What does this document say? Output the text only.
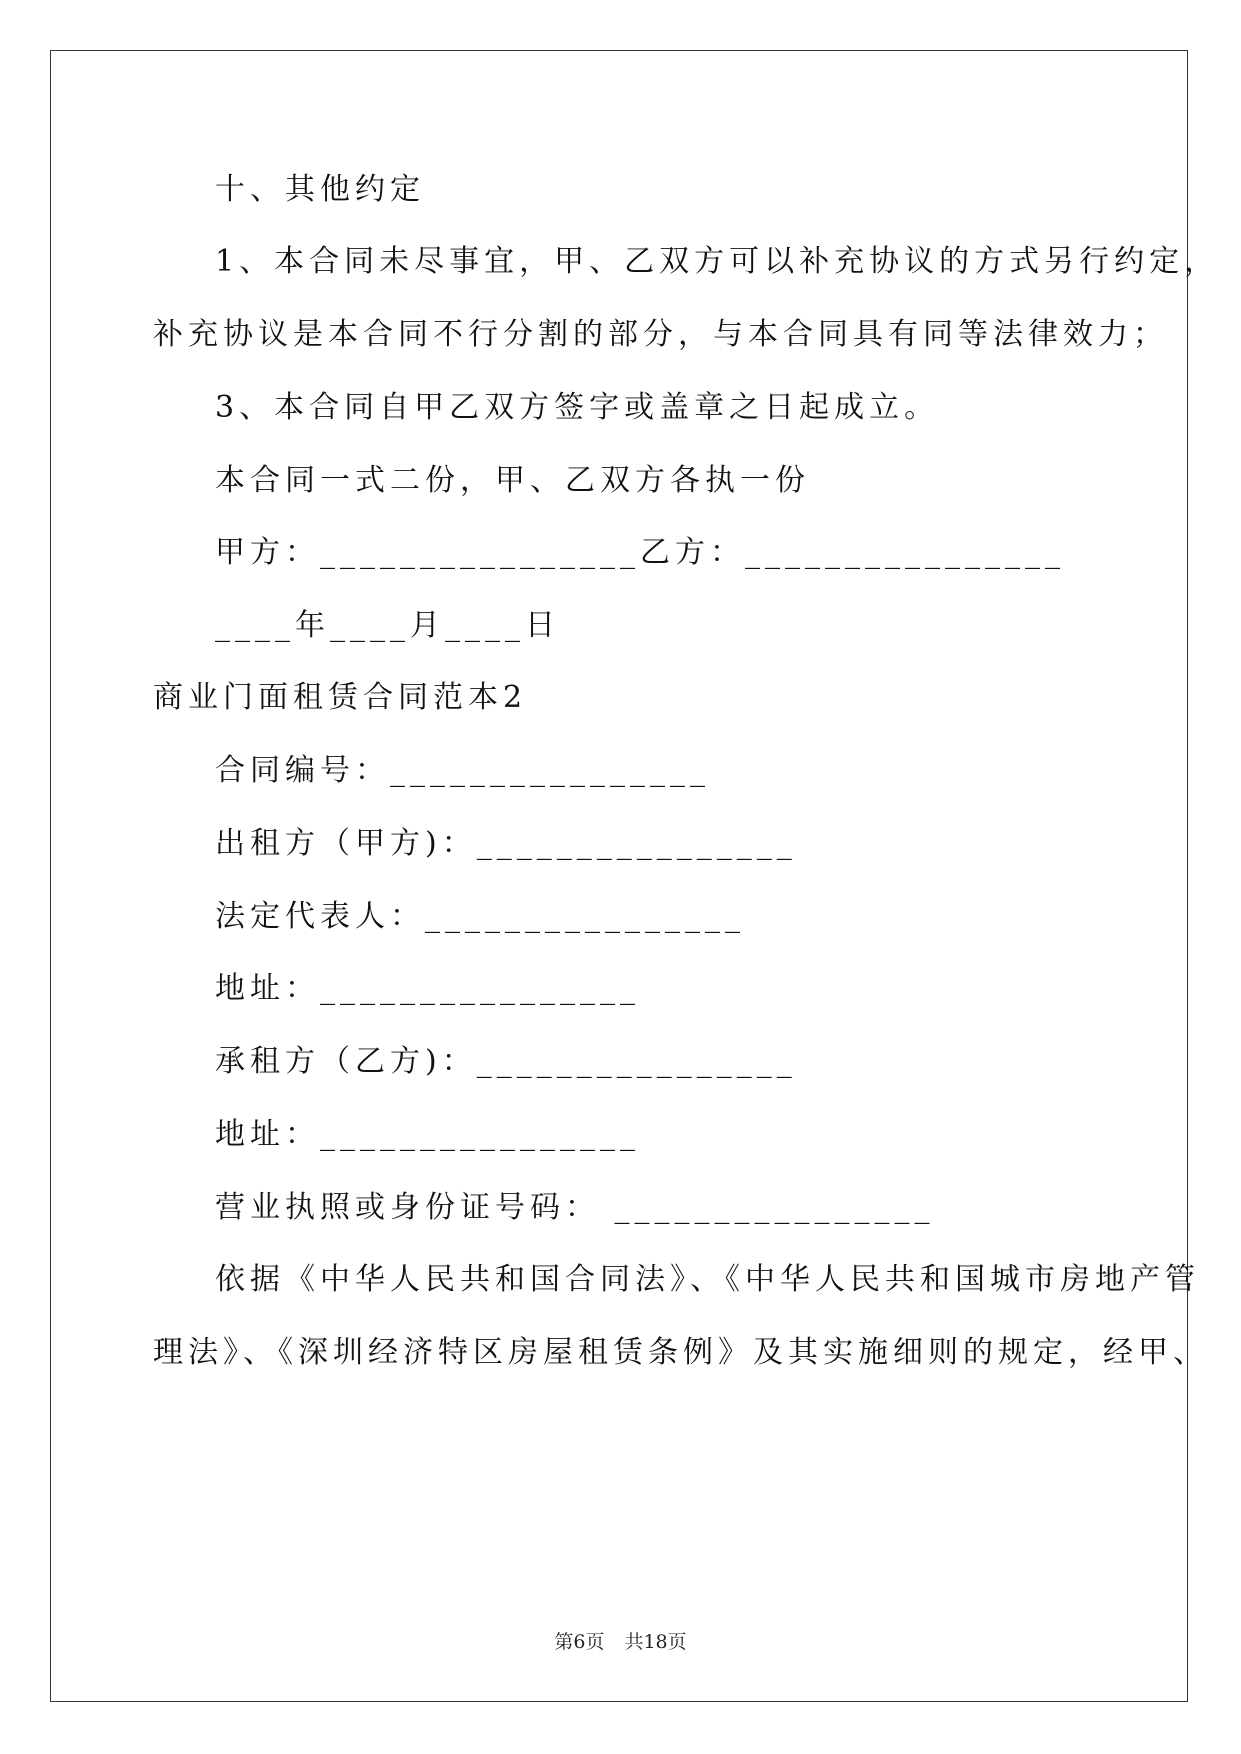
十、其他约定
1、本合同未尽事宜，甲、乙双方可以补充协议的方式另行约定，
补充协议是本合同不行分割的部分，与本合同具有同等法律效力；
3、本合同自甲乙双方签字或盖章之日起成立。
本合同一式二份，甲、乙双方各执一份
甲方：________________乙方：________________
____年____月____日
商业门面租赁合同范本2
合同编号：________________
出租方（甲方)：________________
法定代表人：________________
地址：________________
承租方（乙方)：________________
地址：________________
营业执照或身份证号码： ________________
依据《中华人民共和国合同法》、《中华人民共和国城市房地产管
理法》、《深圳经济特区房屋租赁条例》及其实施细则的规定，经甲、
第6页 共18页
